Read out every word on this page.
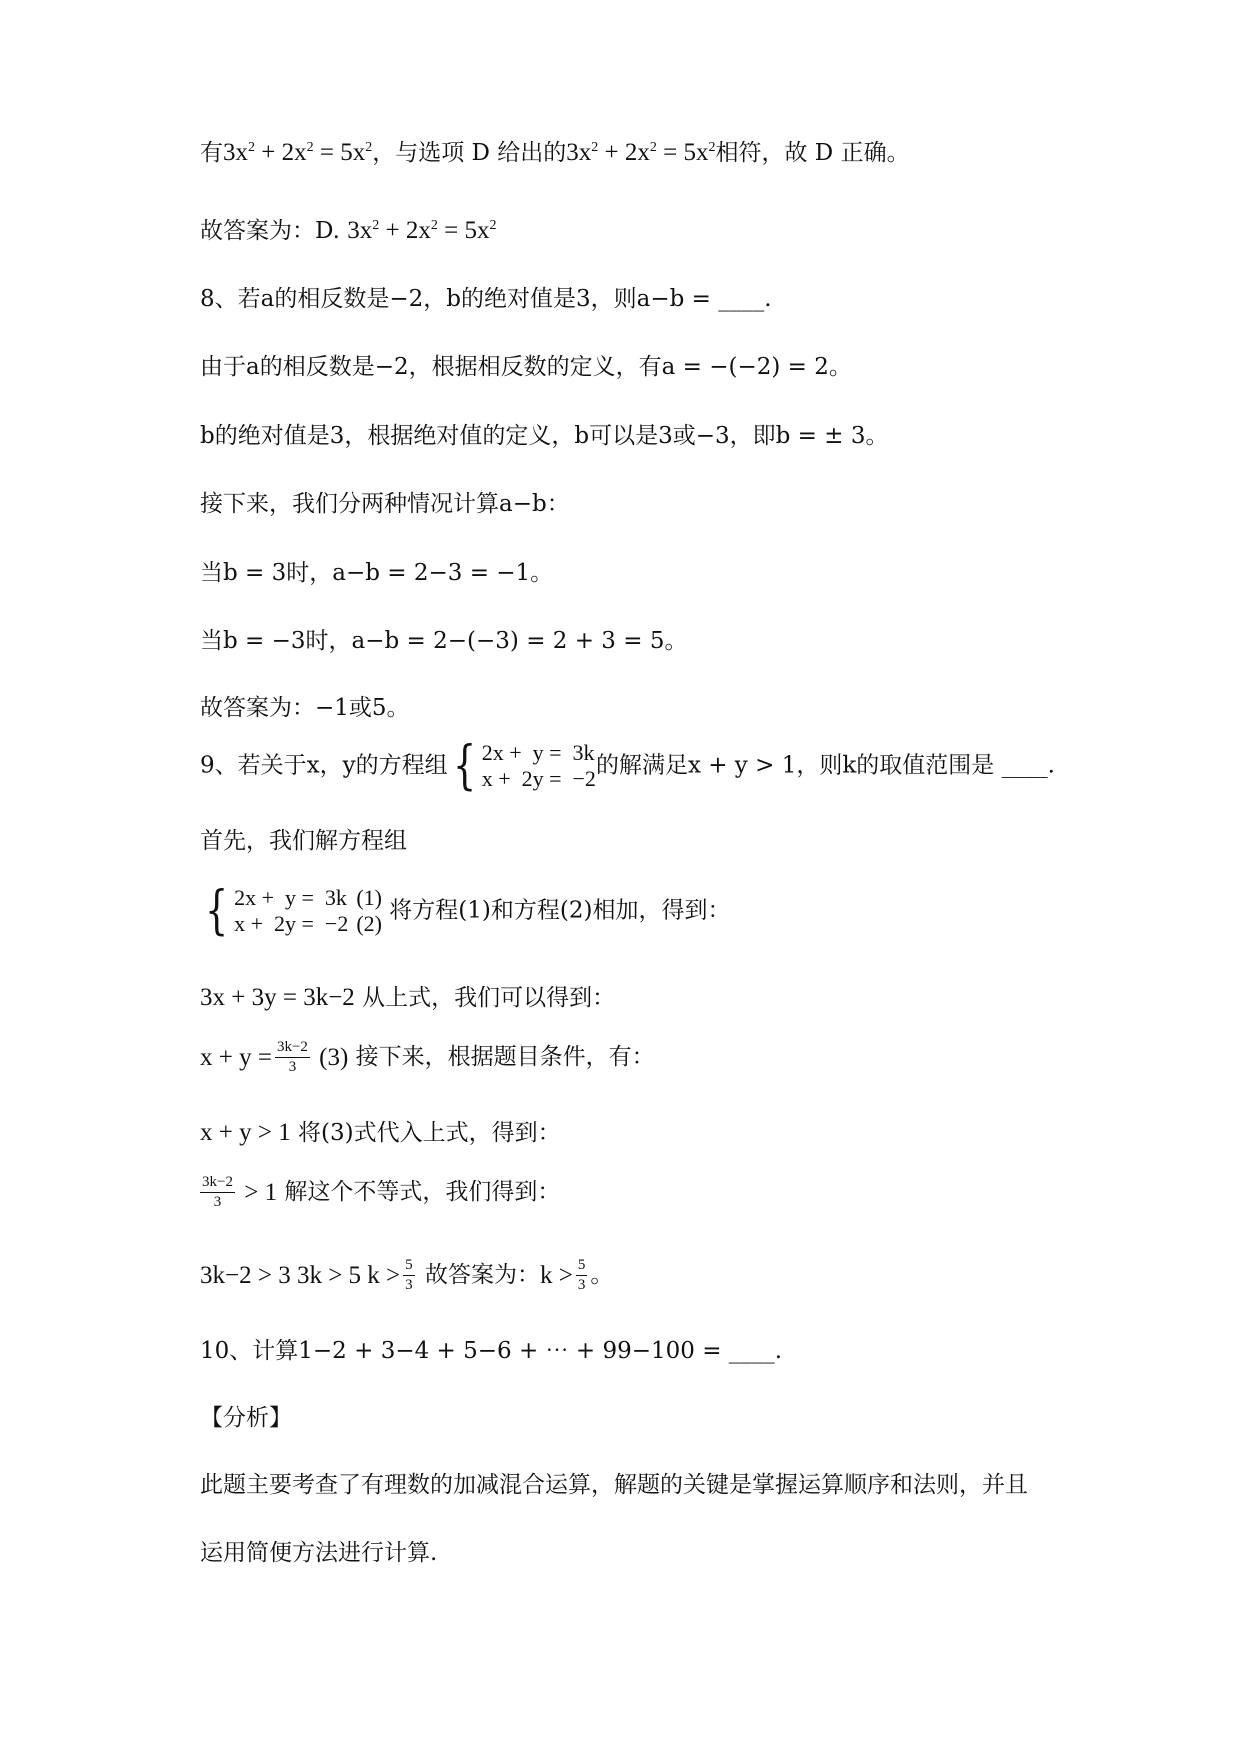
有$3x^2 + 2x^2 = 5x^2$，与选项 D 给出的$3x^2 + 2x^2 = 5x^2$相符，故 D 正确。
故答案为：D. $3x^2 + 2x^2 = 5x^2$
8、若a的相反数是−2，b的绝对值是3，则a−b = ____.
由于a的相反数是−2，根据相反数的定义，有a = −(−2) = 2。
b的绝对值是3，根据绝对值的定义，b可以是3或−3，即b = ± 3。
接下来，我们分两种情况计算a−b：
当b = 3时，a−b = 2−3 = −1。
当b = −3时，a−b = 2−(−3) = 2 + 3 = 5。
故答案为：−1或5。
9、若关于x，y的方程组 { 2x +  y =  3k
x +  2y =  −2 的解满足x + y > 1，则k的取值范围是 ____.
首先，我们解方程组
{ 2x +  y =  3k
x +  2y =  −2
(1)
(2) 将方程(1)和方程(2)相加，得到：
3x + 3y = 3k−2 从上式，我们可以得到：
$x + y = \frac{3k-2}{3} (3)$ 接下来，根据题目条件，有：
x + y > 1 将(3)式代入上式，得到：
$\frac{3k-2}{3} > 1$ 解这个不等式，我们得到：
3k−2 > 3 3k > 5 $k > \frac{5}{3}$ 故答案为：$k > \frac{5}{3}$ 。
10、计算1−2 + 3−4 + 5−6 + ⋯ + 99−100 = ____.
【分析】
此题主要考查了有理数的加减混合运算，解题的关键是掌握运算顺序和法则，并且
运用简便方法进行计算.
